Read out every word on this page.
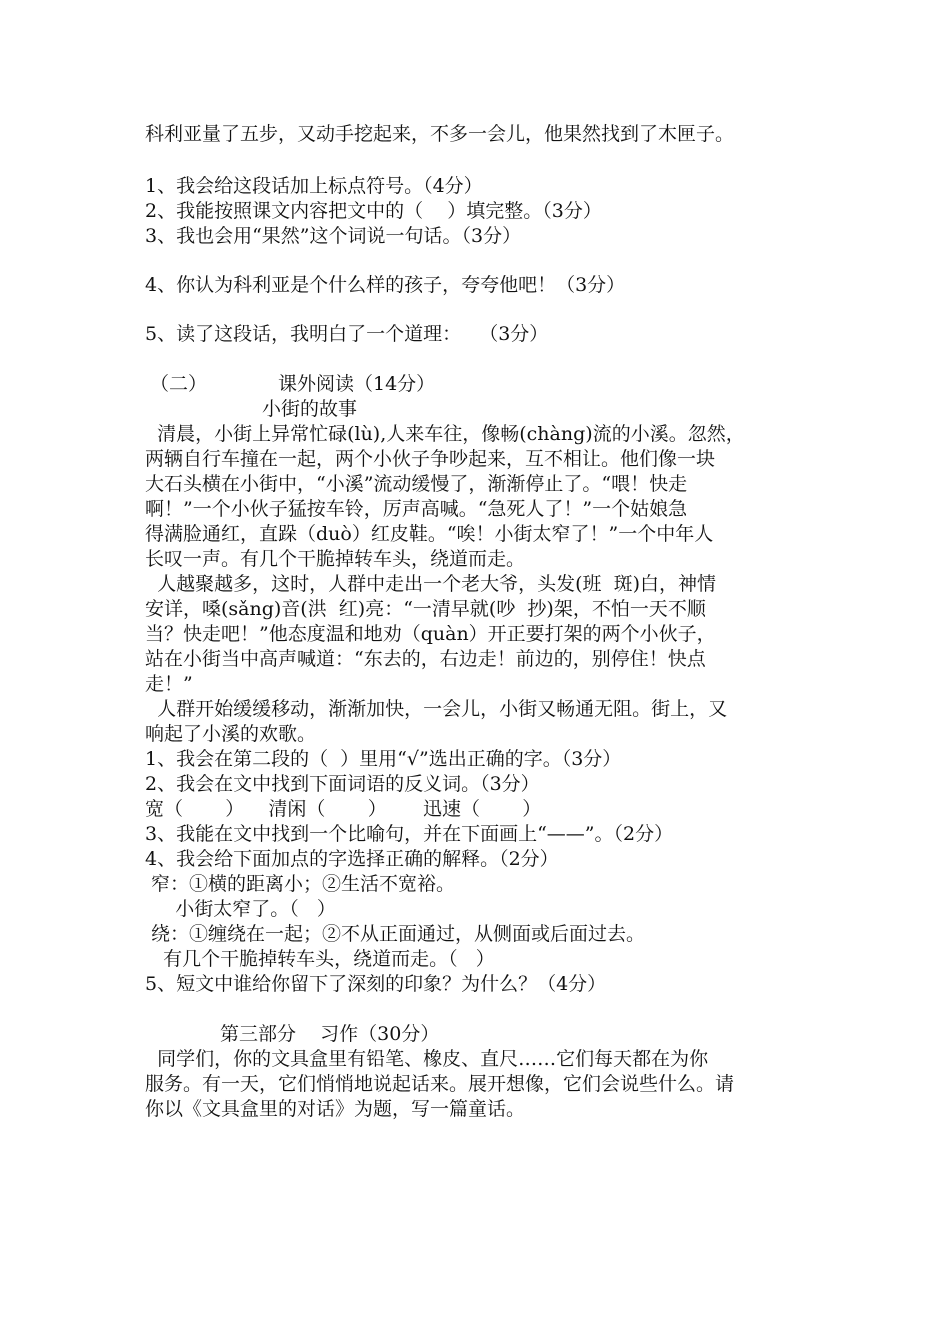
科利亚量了五步，又动手挖起来，不多一会儿，他果然找到了木匣子。
1、我会给这段话加上标点符号。（4分）
2、我能按照课文内容把文中的（    ）填完整。（3分）
3、我也会用“果然”这个词说一句话。（3分）
4、你认为科利亚是个什么样的孩子，夸夸他吧！（3分）
5、读了这段话，我明白了一个道理：   （3分）
（二）	课外阅读（14分）
小街的故事
清晨，小街上异常忙碌(lù),人来车往，像畅(chàng)流的小溪。忽然，
两辆自行车撞在一起，两个小伙子争吵起来，互不相让。他们像一块
大石头横在小街中，“小溪”流动缓慢了，渐渐停止了。“喂！快走
啊！”一个小伙子猛按车铃，厉声高喊。“急死人了！”一个姑娘急
得满脸通红，直跺（duò）红皮鞋。“唉！小街太窄了！”一个中年人
长叹一声。有几个干脆掉转车头，绕道而走。
人越聚越多，这时，人群中走出一个老大爷，头发(班  斑)白，神情
安详，嗓(sǎng)音(洪  红)亮：“一清早就(吵  抄)架，不怕一天不顺
当？快走吧！”他态度温和地劝（quàn）开正要打架的两个小伙子，
站在小街当中高声喊道：“东去的，右边走！前边的，别停住！快点
走！”
人群开始缓缓移动，渐渐加快，一会儿，小街又畅通无阻。街上，又
响起了小溪的欢歌。
1、我会在第二段的（  ）里用“√”选出正确的字。（3分）
2、我会在文中找到下面词语的反义词。（3分）
宽（       ）    清闲（       ）      迅速（       ）
3、我能在文中找到一个比喻句，并在下面画上“——”。（2分）
4、我会给下面加点的字选择正确的解释。（2分）
窄：①横的距离小；②生活不宽裕。
小街太窄了。（   ）
绕：①缠绕在一起；②不从正面通过，从侧面或后面过去。
有几个干脆掉转车头，绕道而走。（   ）
5、短文中谁给你留下了深刻的印象？为什么？（4分）
第三部分    习作（30分）
同学们，你的文具盒里有铅笔、橡皮、直尺……它们每天都在为你
服务。有一天，它们悄悄地说起话来。展开想像，它们会说些什么。请
你以《文具盒里的对话》为题，写一篇童话。
